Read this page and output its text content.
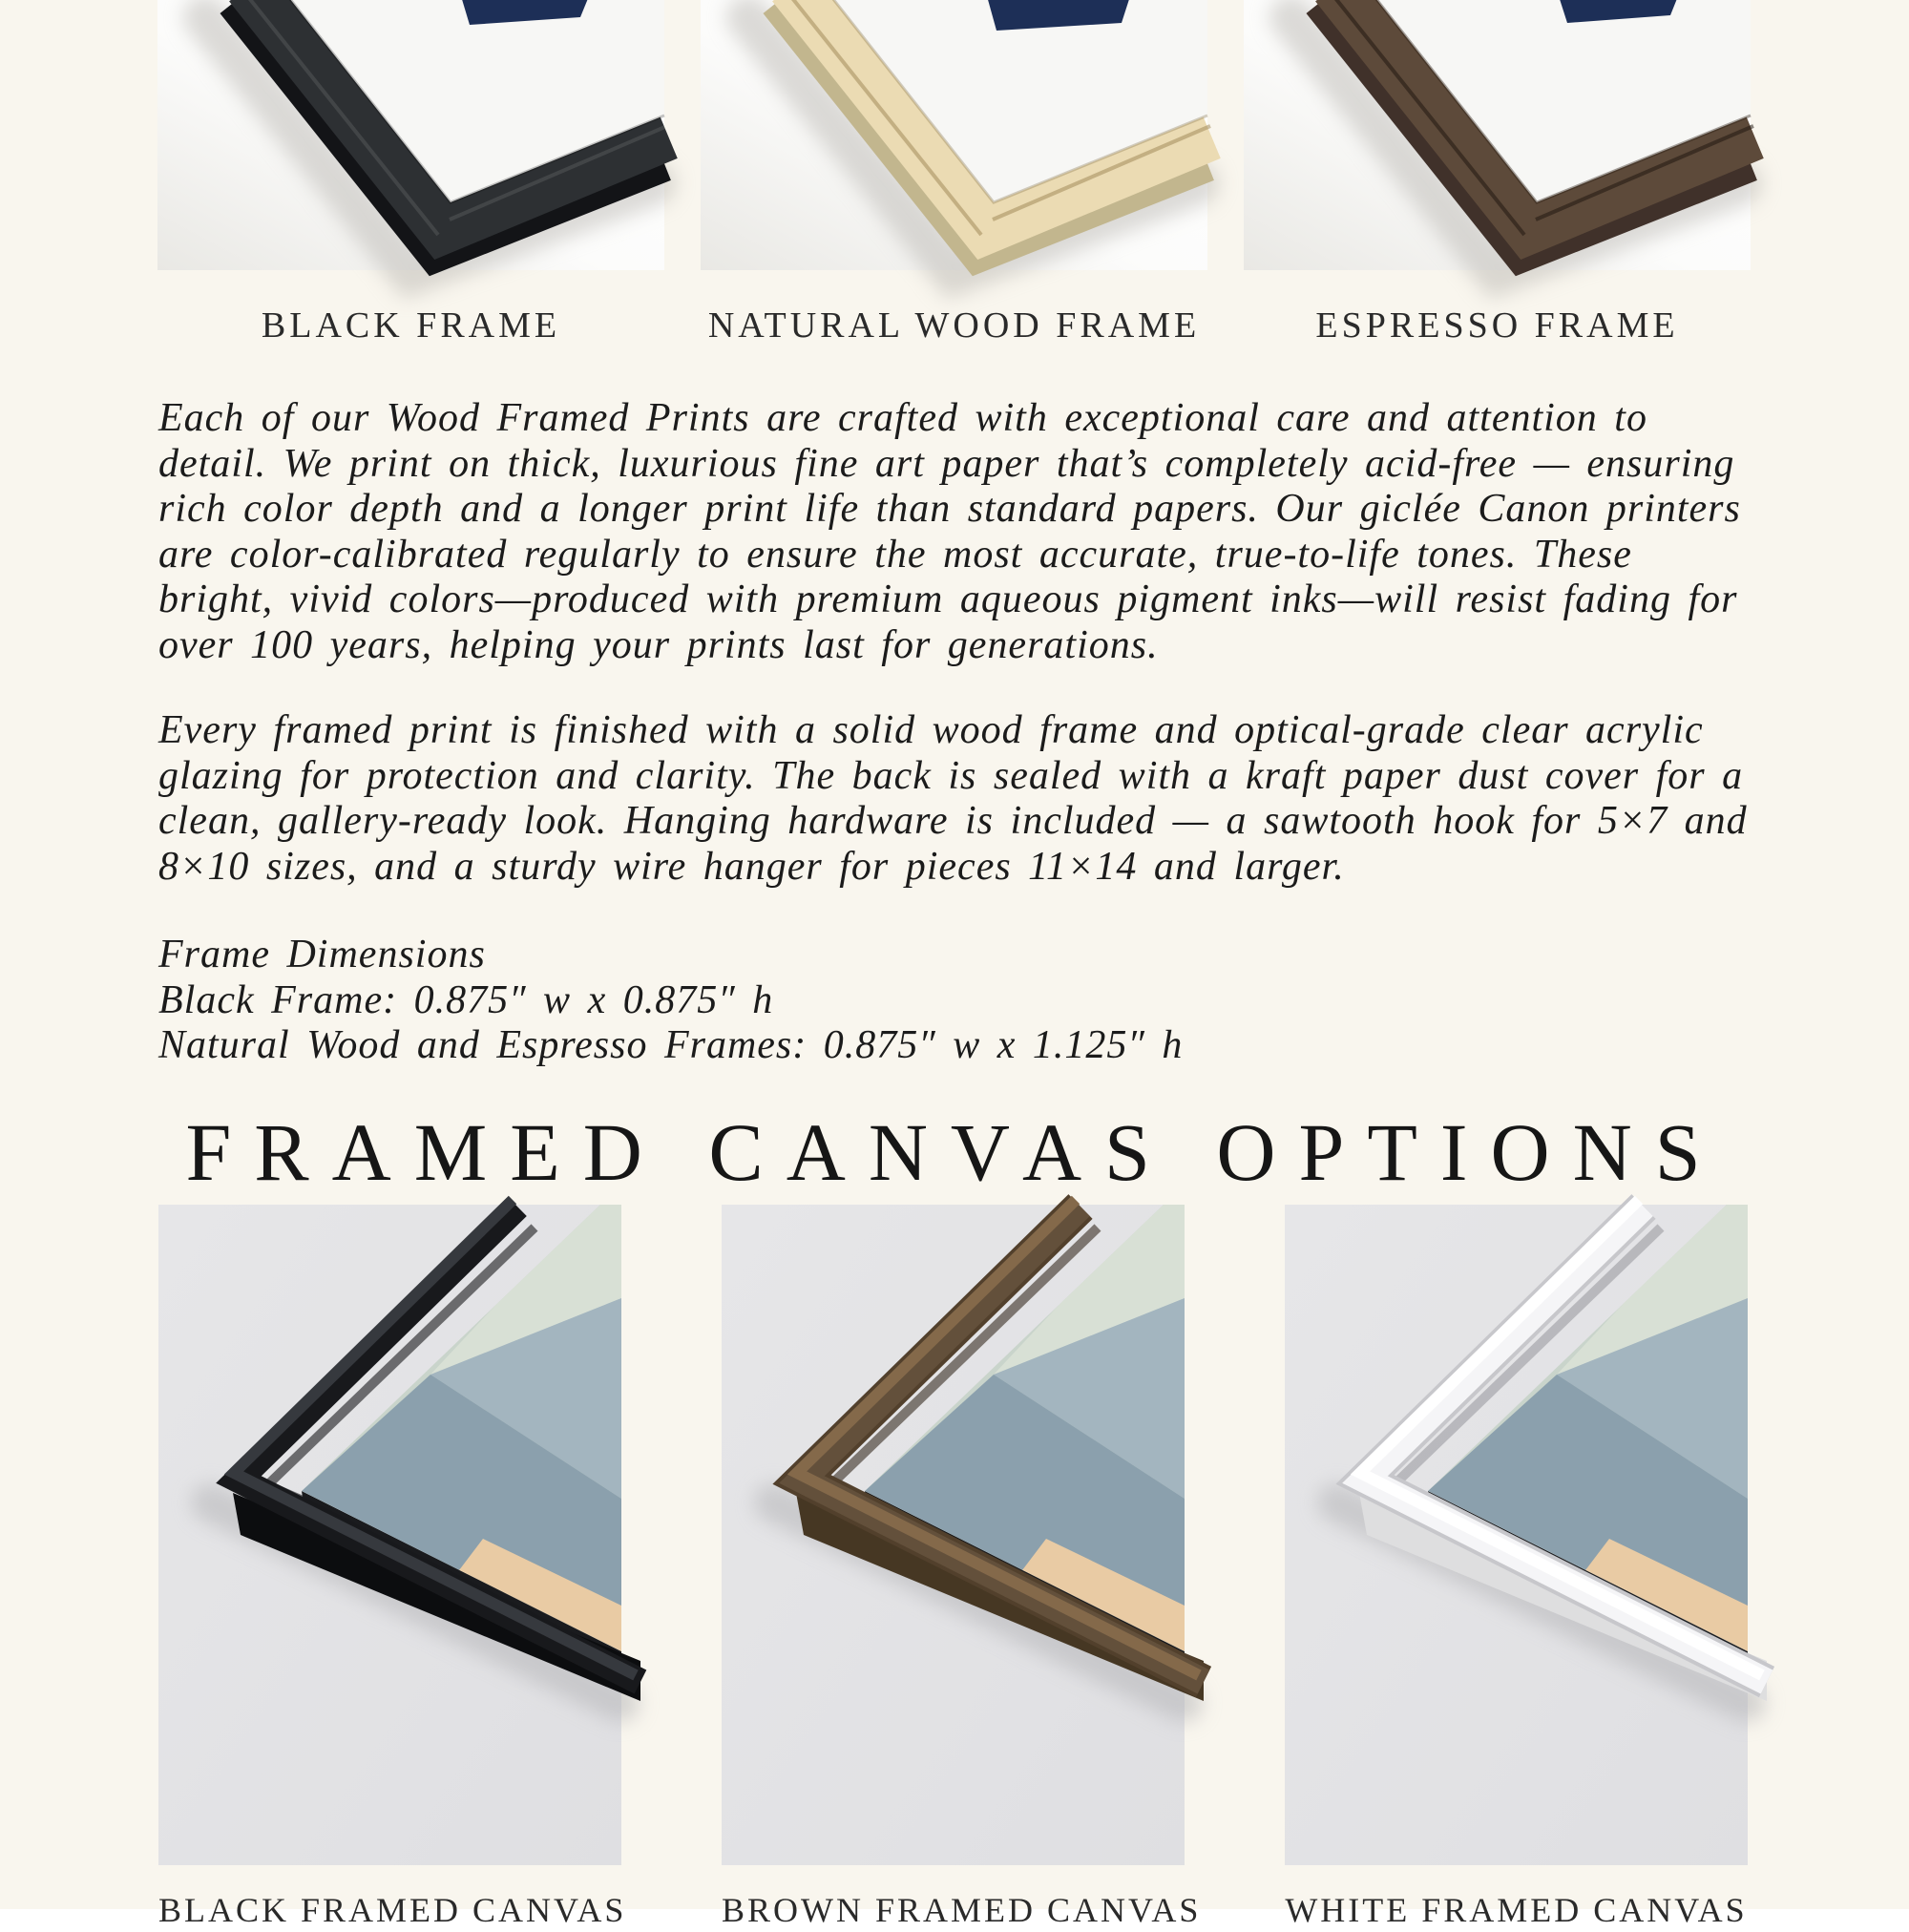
BLACK FRAME	NATURAL WOOD FRAME	ESPRESSO FRAME

Each of our Wood Framed Prints are crafted with exceptional care and attention to detail. We print on thick, luxurious fine art paper that’s completely acid-free — ensuring rich color depth and a longer print life than standard papers. Our giclée Canon printers are color-calibrated regularly to ensure the most accurate, true-to-life tones. These bright, vivid colors—produced with premium aqueous pigment inks—will resist fading for over 100 years, helping your prints last for generations.

Every framed print is finished with a solid wood frame and optical-grade clear acrylic glazing for protection and clarity. The back is sealed with a kraft paper dust cover for a clean, gallery-ready look. Hanging hardware is included — a sawtooth hook for 5×7 and 8×10 sizes, and a sturdy wire hanger for pieces 11×14 and larger.

Frame Dimensions
Black Frame: 0.875″ w x 0.875″ h
Natural Wood and Espresso Frames: 0.875″ w x 1.125″ h
FRAMED CANVAS OPTIONS
BLACK FRAMED CANVAS	BROWN FRAMED CANVAS WHITE FRAMED CANVAS
